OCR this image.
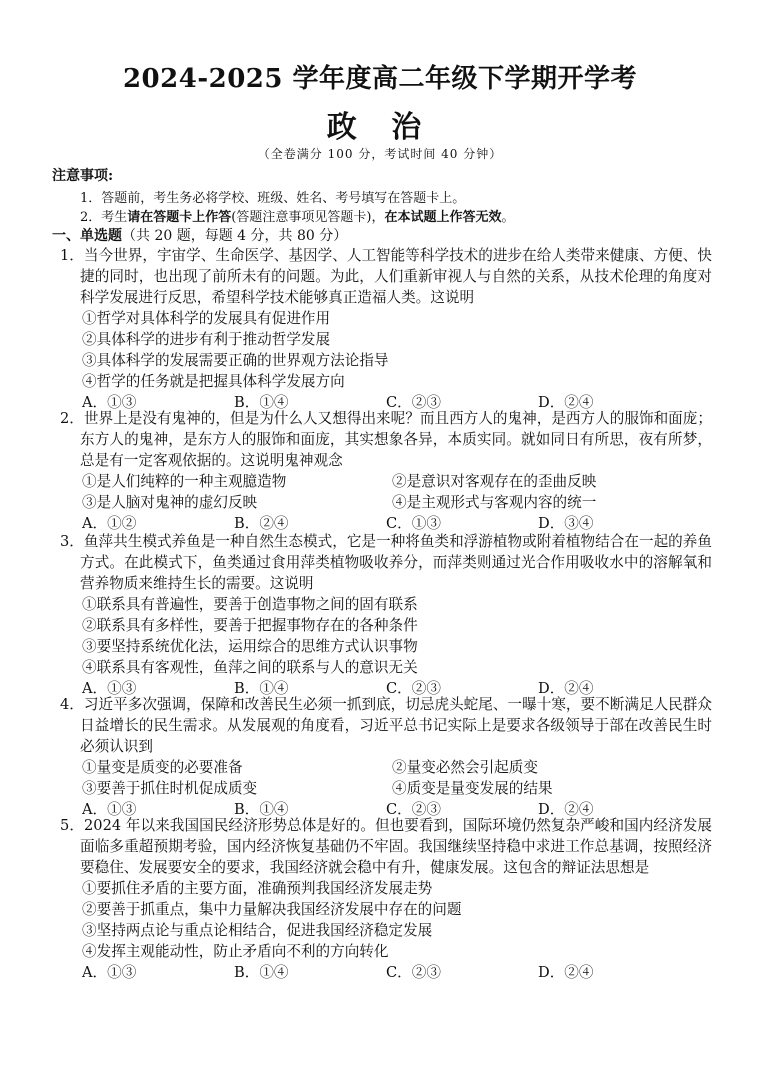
2024-2025 学年度高二年级下学期开学考
政 治
（全卷满分 100 分，考试时间 40 分钟）
注意事项:
1．答题前，考生务必将学校、班级、姓名、考号填写在答题卡上。
2．考生请在答题卡上作答(答题注意事项见答题卡)，在本试题上作答无效。
一、单选题（共 20 题，每题 4 分，共 80 分）

1．当今世界，宇宙学、生命医学、基因学、人工智能等科学技术的进步在给人类带来健康、方便、快捷的同时，也出现了前所未有的问题。为此，人们重新审视人与自然的关系，从技术伦理的角度对科学发展进行反思，希望科学技术能够真正造福人类。这说明

①哲学对具体科学的发展具有促进作用

②具体科学的进步有利于推动哲学发展

③具体科学的发展需要正确的世界观方法论指导

④哲学的任务就是把握具体科学发展方向

A．①③	B．①④	C．②③	D．②④

2．世界上是没有鬼神的，但是为什么人又想得出来呢？而且西方人的鬼神，是西方人的服饰和面庞；东方人的鬼神，是东方人的服饰和面庞，其实想象各异，本质实同。就如同日有所思，夜有所梦，总是有一定客观依据的。这说明鬼神观念

①是人们纯粹的一种主观臆造物	②是意识对客观存在的歪曲反映
③是人脑对鬼神的虚幻反映	④是主观形式与客观内容的统一
A．①②	B．②④	C．①③	D．③④

3．鱼萍共生模式养鱼是一种自然生态模式，它是一种将鱼类和浮游植物或附着植物结合在一起的养鱼方式。在此模式下，鱼类通过食用萍类植物吸收养分，而萍类则通过光合作用吸收水中的溶解氧和营养物质来维持生长的需要。这说明

①联系具有普遍性，要善于创造事物之间的固有联系

②联系具有多样性，要善于把握事物存在的各种条件

③要坚持系统优化法，运用综合的思维方式认识事物

④联系具有客观性，鱼萍之间的联系与人的意识无关

A．①③	B．①④	C．②③	D．②④

4．习近平多次强调，保障和改善民生必须一抓到底，切忌虎头蛇尾、一曝十寒，要不断满足人民群众日益增长的民生需求。从发展观的角度看，习近平总书记实际上是要求各级领导于部在改善民生时必须认识到

①量变是质变的必要准备	②量变必然会引起质变
③要善于抓住时机促成质变	④质变是量变发展的结果
A．①③	B．①④	C．②③	D．②④

5．2024 年以来我国国民经济形势总体是好的。但也要看到，国际环境仍然复杂严峻和国内经济发展面临多重超预期考验，国内经济恢复基础仍不牢固。我国继续坚持稳中求进工作总基调，按照经济要稳住、发展要安全的要求，我国经济就会稳中有升，健康发展。这包含的辩证法思想是

①要抓住矛盾的主要方面，准确预判我国经济发展走势

②要善于抓重点，集中力量解决我国经济发展中存在的问题

③坚持两点论与重点论相结合，促进我国经济稳定发展

④发挥主观能动性，防止矛盾向不利的方向转化

A．①③	B．①④	C．②③	D．②④
